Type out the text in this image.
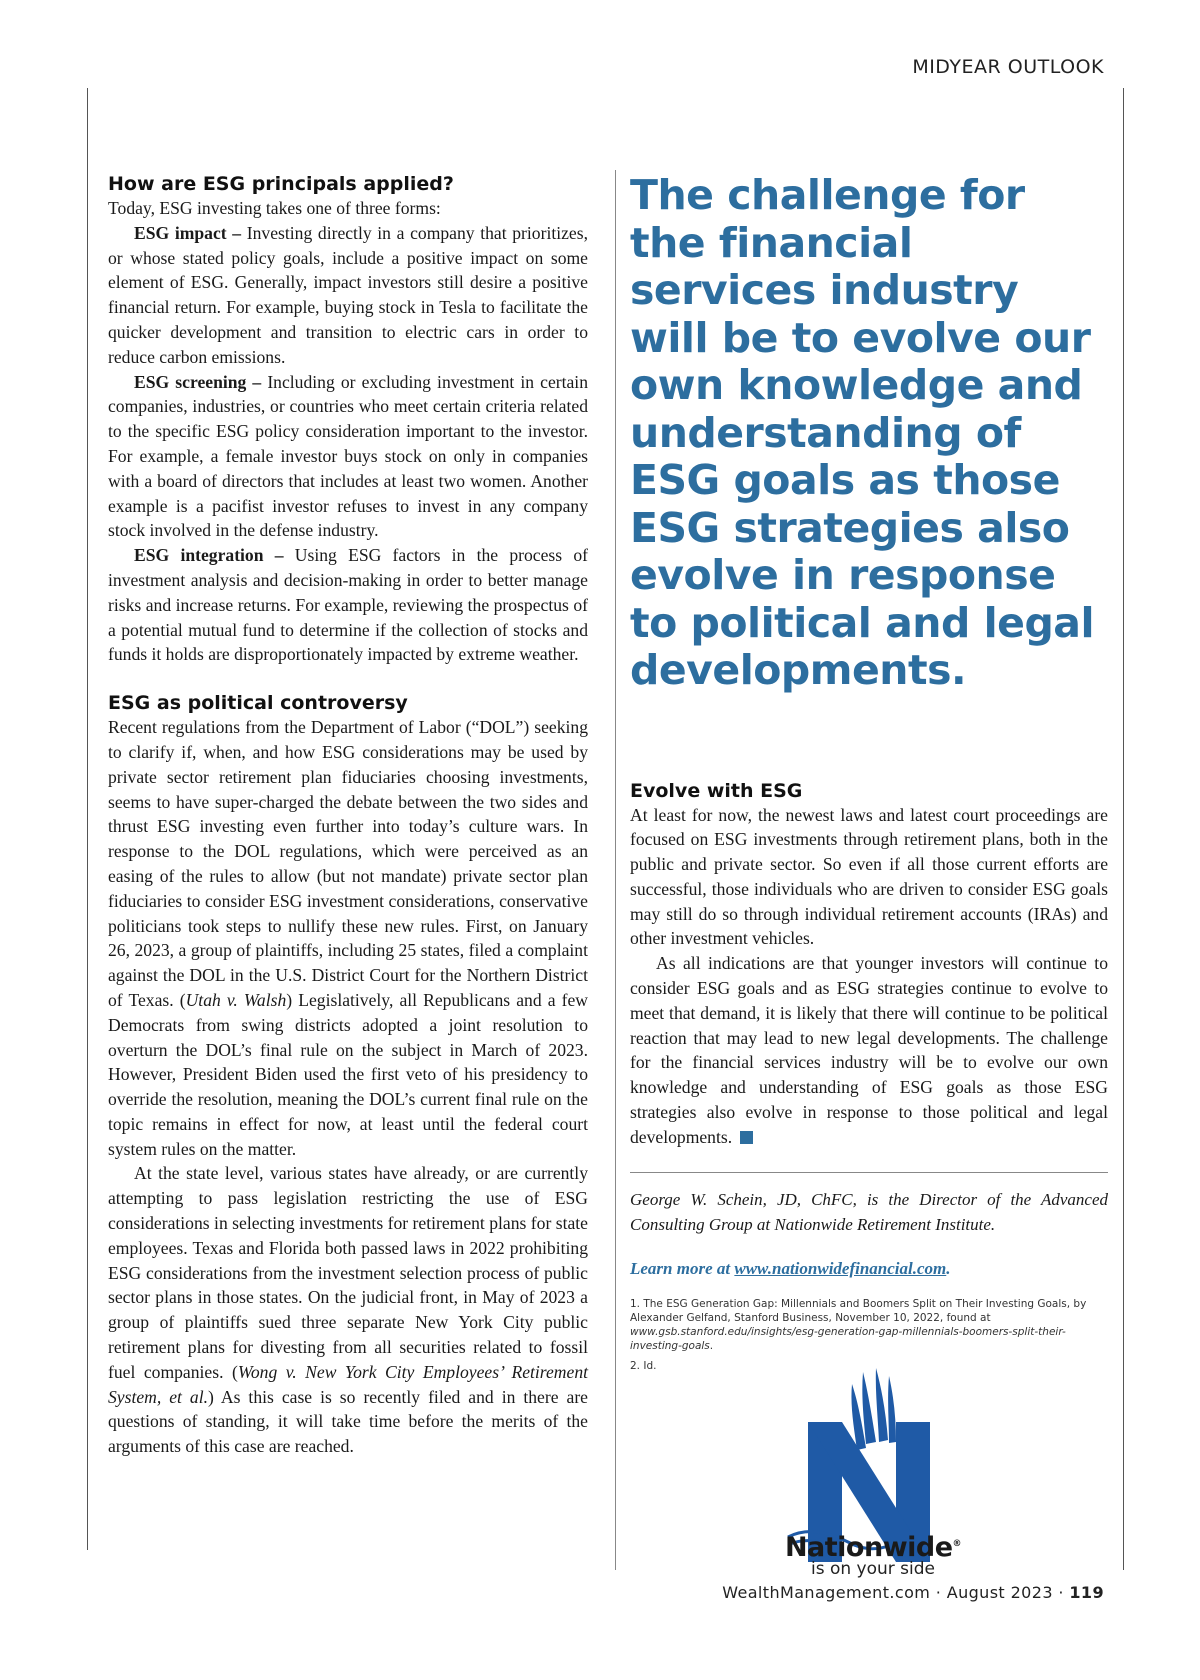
MIDYEAR OUTLOOK
How are ESG principals applied?

Today, ESG investing takes one of three forms:

ESG impact – Investing directly in a company that prioritizes, or whose stated policy goals, include a positive impact on some element of ESG. Generally, impact investors still desire a positive financial return. For example, buying stock in Tesla to facilitate the quicker development and transition to electric cars in order to reduce carbon emissions.

ESG screening – Including or excluding investment in certain companies, industries, or countries who meet certain criteria related to the specific ESG policy consideration important to the investor. For example, a female investor buys stock on only in companies with a board of directors that includes at least two women. Another example is a pacifist investor refuses to invest in any company stock involved in the defense industry.

ESG integration – Using ESG factors in the process of investment analysis and decision-making in order to better manage risks and increase returns. For example, reviewing the prospectus of a potential mutual fund to determine if the collection of stocks and funds it holds are disproportionately impacted by extreme weather.

ESG as political controversy

Recent regulations from the Department of Labor (“DOL”) seeking to clarify if, when, and how ESG considerations may be used by private sector retirement plan fiduciaries choosing investments, seems to have super-charged the debate between the two sides and thrust ESG investing even further into today’s culture wars. In response to the DOL regulations, which were perceived as an easing of the rules to allow (but not mandate) private sector plan fiduciaries to consider ESG investment considerations, conservative politicians took steps to nullify these new rules. First, on January 26, 2023, a group of plaintiffs, including 25 states, filed a complaint against the DOL in the U.S. District Court for the Northern District of Texas. (Utah v. Walsh) Legislatively, all Republicans and a few Democrats from swing districts adopted a joint resolution to overturn the DOL’s final rule on the subject in March of 2023. However, President Biden used the first veto of his presidency to override the resolution, meaning the DOL’s current final rule on the topic remains in effect for now, at least until the federal court system rules on the matter.

At the state level, various states have already, or are currently attempting to pass legislation restricting the use of ESG considerations in selecting investments for retirement plans for state employees. Texas and Florida both passed laws in 2022 prohibiting ESG considerations from the investment selection process of public sector plans in those states. On the judicial front, in May of 2023 a group of plaintiffs sued three separate New York City public retirement plans for divesting from all securities related to fossil fuel companies. (Wong v. New York City Employees’ Retirement System, et al.) As this case is so recently filed and in there are questions of standing, it will take time before the merits of the arguments of this case are reached.

The challenge for the financial services industry will be to evolve our own knowledge and understanding of ESG goals as those ESG strategies also evolve in response to political and legal developments.
Evolve with ESG

At least for now, the newest laws and latest court proceedings are focused on ESG investments through retirement plans, both in the public and private sector. So even if all those current efforts are successful, those individuals who are driven to consider ESG goals may still do so through individual retirement accounts (IRAs) and other investment vehicles.

As all indications are that younger investors will continue to consider ESG goals and as ESG strategies continue to evolve to meet that demand, it is likely that there will continue to be political reaction that may lead to new legal developments. The challenge for the financial services industry will be to evolve our own knowledge and understanding of ESG goals as those ESG strategies also evolve in response to those political and legal developments.

George W. Schein, JD, ChFC, is the Director of the Advanced Consulting Group at Nationwide Retirement Institute.

Learn more at www.nationwidefinancial.com.
1. The ESG Generation Gap: Millennials and Boomers Split on Their Investing Goals, by Alexander Gelfand, Stanford Business, November 10, 2022, found at www.gsb.stanford.edu/insights/esg-generation-gap-millennials-boomers-split-their-investing-goals.
2. Id.
Nationwide®
is on your side
WealthManagement.com · August 2023 · 119
